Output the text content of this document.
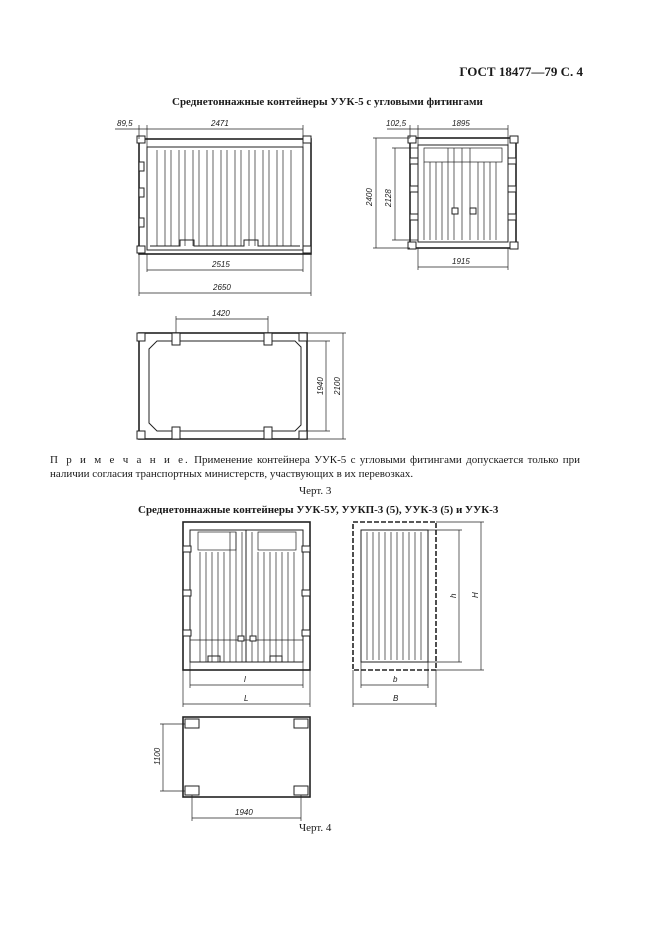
ГОСТ 18477—79 С. 4
Среднетоннажные контейнеры УУК-5 с угловыми фитингами
89,5	2471
2515
2650
102,5	1895
2400 2128
1915
1420
1940 2100
l
L
h H
b
B
1100
1940
П р и м е ч а н и е. Применение контейнера УУК-5 с угловыми фитингами допускается только при наличии согласия транспортных министерств, участвующих в их перевозках.
Черт. 3
Среднетоннажные контейнеры УУК-5У, УУКП-3 (5), УУК-3 (5) и УУК-3
Черт. 4
